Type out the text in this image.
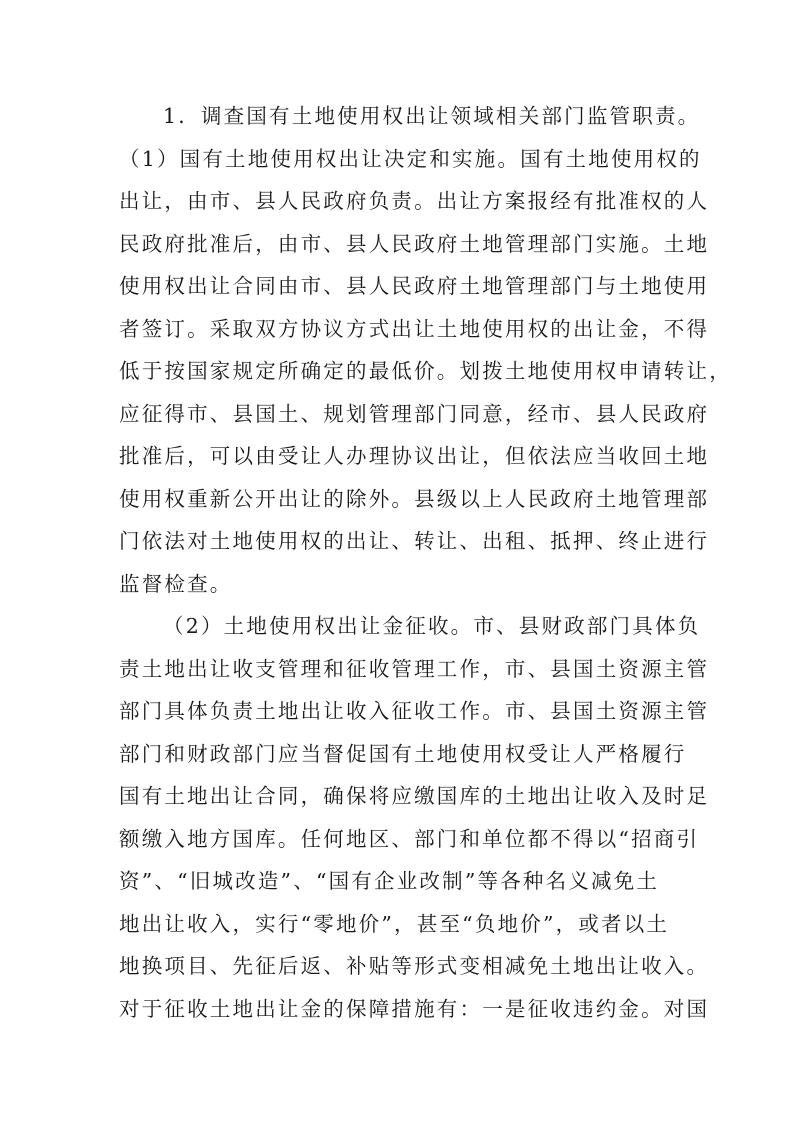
1．调查国有土地使用权出让领域相关部门监管职责。
（1）国有土地使用权出让决定和实施。国有土地使用权的
出让，由市、县人民政府负责。出让方案报经有批准权的人
民政府批准后，由市、县人民政府土地管理部门实施。土地
使用权出让合同由市、县人民政府土地管理部门与土地使用
者签订。采取双方协议方式出让土地使用权的出让金，不得
低于按国家规定所确定的最低价。划拨土地使用权申请转让，
应征得市、县国土、规划管理部门同意，经市、县人民政府
批准后，可以由受让人办理协议出让，但依法应当收回土地
使用权重新公开出让的除外。县级以上人民政府土地管理部
门依法对土地使用权的出让、转让、出租、抵押、终止进行
监督检查。
（2）土地使用权出让金征收。市、县财政部门具体负
责土地出让收支管理和征收管理工作，市、县国土资源主管
部门具体负责土地出让收入征收工作。市、县国土资源主管
部门和财政部门应当督促国有土地使用权受让人严格履行
国有土地出让合同，确保将应缴国库的土地出让收入及时足
额缴入地方国库。任何地区、部门和单位都不得以“招商引
资”、“旧城改造”、“国有企业改制”等各种名义减免土
地出让收入，实行“零地价”，甚至“负地价”，或者以土
地换项目、先征后返、补贴等形式变相减免土地出让收入。
对于征收土地出让金的保障措施有：一是征收违约金。对国
